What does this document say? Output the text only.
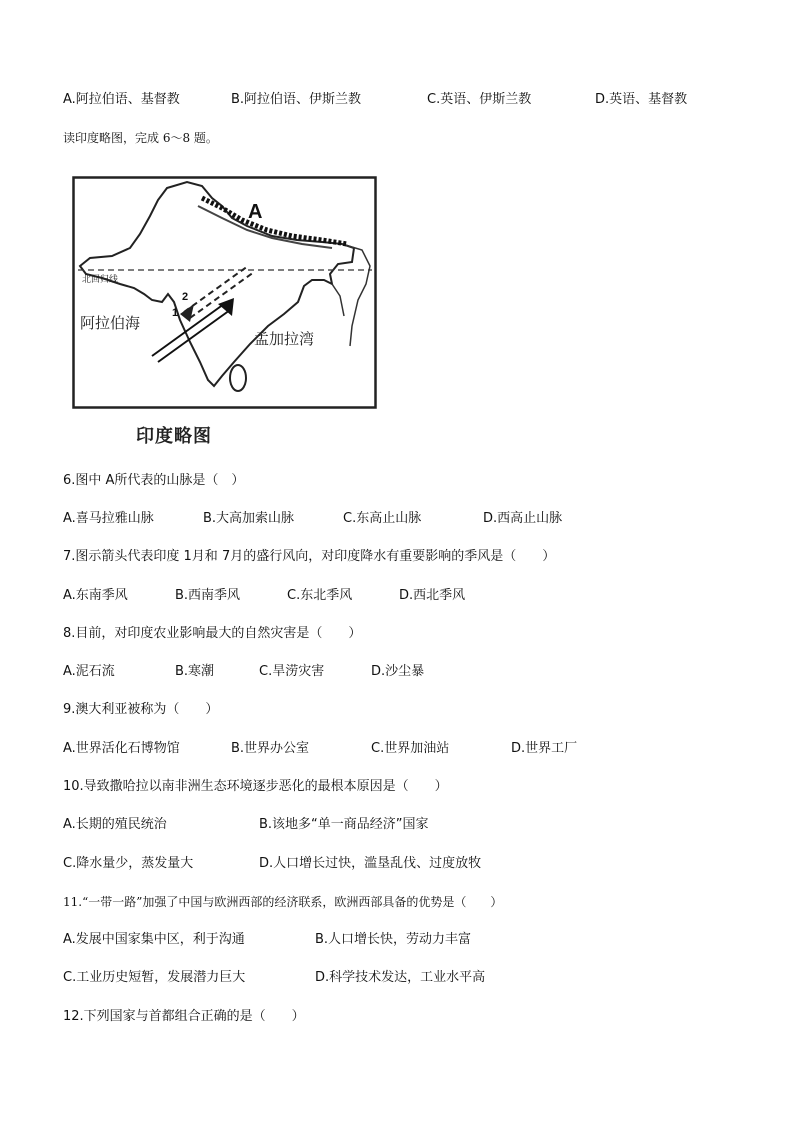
A.阿拉伯语、基督教	B.阿拉伯语、伊斯兰教	C.英语、伊斯兰教	D.英语、基督教
读印度略图，完成 6～8 题。
A
北回归线
阿拉伯海
孟加拉湾
1
2
印度略图
6.图中 A所代表的山脉是（　）
A.喜马拉雅山脉	B.大高加索山脉	C.东高止山脉	D.西高止山脉
7.图示箭头代表印度 1月和 7月的盛行风向，对印度降水有重要影响的季风是（　　）
A.东南季风	B.西南季风	C.东北季风	D.西北季风
8.目前，对印度农业影响最大的自然灾害是（　　）
A.泥石流	B.寒潮	C.旱涝灾害	D.沙尘暴
9.澳大利亚被称为（　　）
A.世界活化石博物馆	B.世界办公室	C.世界加油站	D.世界工厂
10.导致撒哈拉以南非洲生态环境逐步恶化的最根本原因是（　　）
A.长期的殖民统治	B.该地多“单一商品经济”国家
C.降水量少，蒸发量大	D.人口增长过快，滥垦乱伐、过度放牧
11.“一带一路”加强了中国与欧洲西部的经济联系，欧洲西部具备的优势是（　　）
A.发展中国家集中区，利于沟通	B.人口增长快，劳动力丰富
C.工业历史短暂，发展潜力巨大	D.科学技术发达，工业水平高
12.下列国家与首都组合正确的是（　　）
